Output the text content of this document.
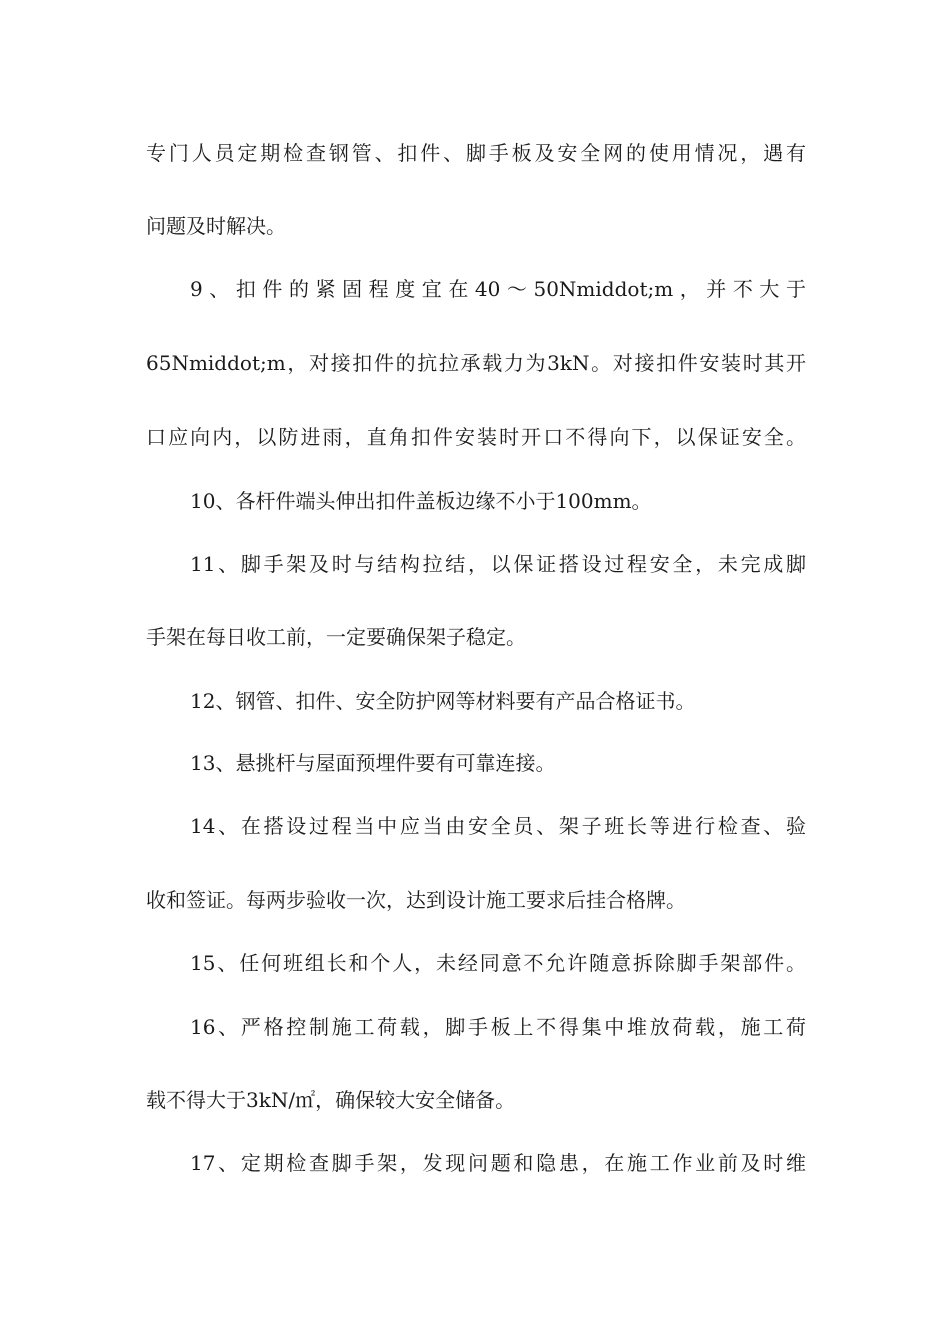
专门人员定期检查钢管、扣件、脚手板及安全网的使用情况，遇有
问题及时解决。
9、扣件的紧固程度宜在40～50Nmiddot;m，并不大于
65Nmiddot;m，对接扣件的抗拉承载力为3kN。对接扣件安装时其开
口应向内，以防进雨，直角扣件安装时开口不得向下，以保证安全。
10、各杆件端头伸出扣件盖板边缘不小于100mm。
11、脚手架及时与结构拉结，以保证搭设过程安全，未完成脚
手架在每日收工前，一定要确保架子稳定。
12、钢管、扣件、安全防护网等材料要有产品合格证书。
13、悬挑杆与屋面预埋件要有可靠连接。
14、在搭设过程当中应当由安全员、架子班长等进行检查、验
收和签证。每两步验收一次，达到设计施工要求后挂合格牌。
15、任何班组长和个人，未经同意不允许随意拆除脚手架部件。
16、严格控制施工荷载，脚手板上不得集中堆放荷载，施工荷
载不得大于3kN/㎡，确保较大安全储备。
17、定期检查脚手架，发现问题和隐患，在施工作业前及时维
